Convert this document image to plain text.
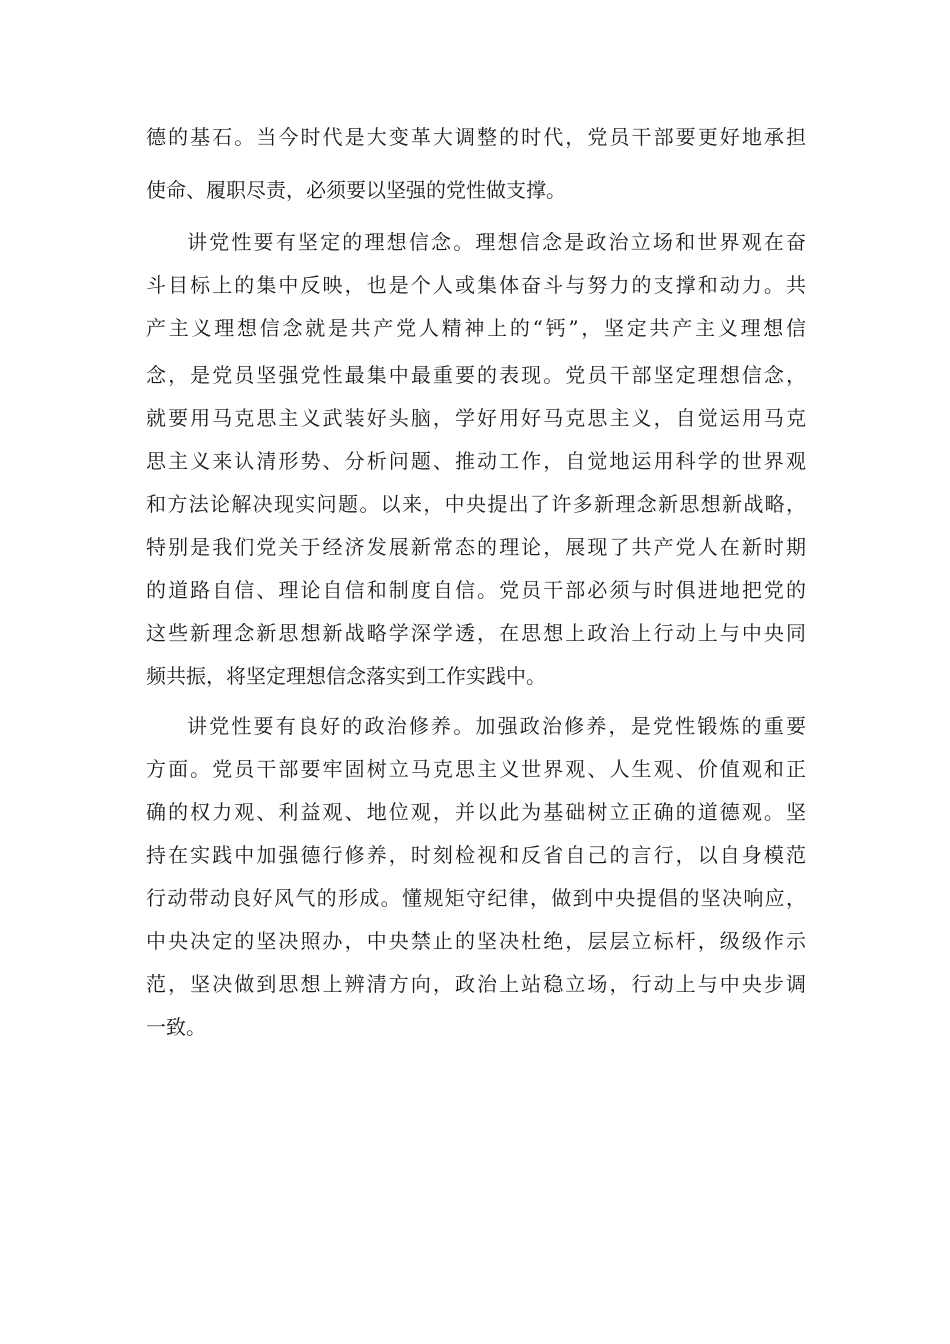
德的基石。当今时代是大变革大调整的时代，党员干部要更好地承担
使命、履职尽责，必须要以坚强的党性做支撑。
讲党性要有坚定的理想信念。理想信念是政治立场和世界观在奋
斗目标上的集中反映，也是个人或集体奋斗与努力的支撑和动力。共
产主义理想信念就是共产党人精神上的“钙”，坚定共产主义理想信
念，是党员坚强党性最集中最重要的表现。党员干部坚定理想信念，
就要用马克思主义武装好头脑，学好用好马克思主义，自觉运用马克
思主义来认清形势、分析问题、推动工作，自觉地运用科学的世界观
和方法论解决现实问题。以来，中央提出了许多新理念新思想新战略，
特别是我们党关于经济发展新常态的理论，展现了共产党人在新时期
的道路自信、理论自信和制度自信。党员干部必须与时俱进地把党的
这些新理念新思想新战略学深学透，在思想上政治上行动上与中央同
频共振，将坚定理想信念落实到工作实践中。
讲党性要有良好的政治修养。加强政治修养，是党性锻炼的重要
方面。党员干部要牢固树立马克思主义世界观、人生观、价值观和正
确的权力观、利益观、地位观，并以此为基础树立正确的道德观。坚
持在实践中加强德行修养，时刻检视和反省自己的言行，以自身模范
行动带动良好风气的形成。懂规矩守纪律，做到中央提倡的坚决响应，
中央决定的坚决照办，中央禁止的坚决杜绝，层层立标杆，级级作示
范，坚决做到思想上辨清方向，政治上站稳立场，行动上与中央步调
一致。
